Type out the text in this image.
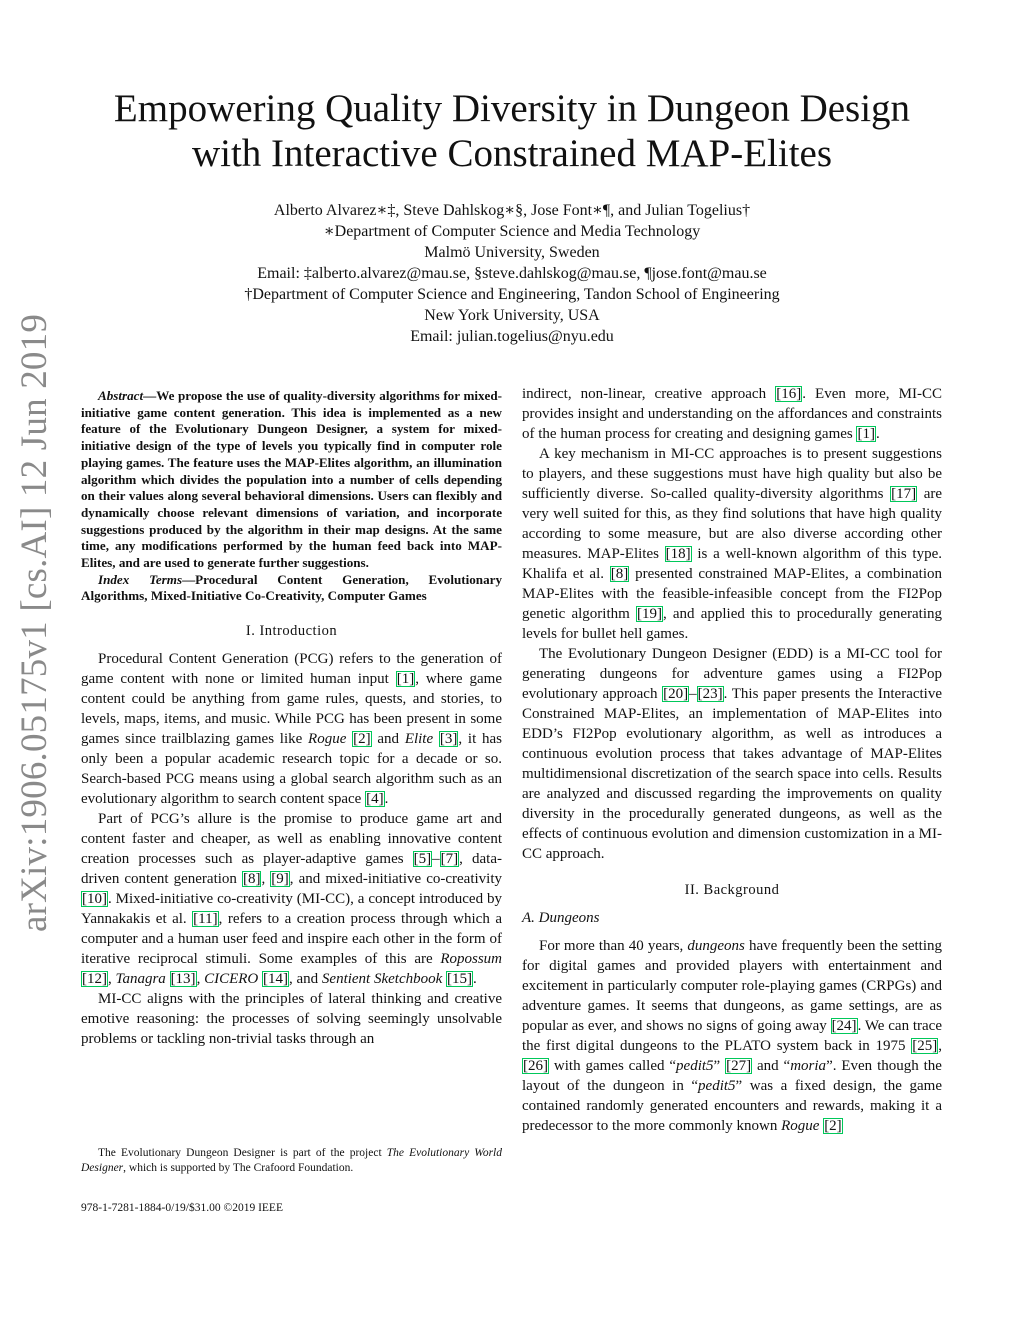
arXiv:1906.05175v1 [cs.AI] 12 Jun 2019
Empowering Quality Diversity in Dungeon Design
with Interactive Constrained MAP-Elites
Alberto Alvarez∗‡, Steve Dahlskog∗§, Jose Font∗¶, and Julian Togelius†
∗Department of Computer Science and Media Technology
Malmö University, Sweden
Email: ‡alberto.alvarez@mau.se, §steve.dahlskog@mau.se, ¶jose.font@mau.se
†Department of Computer Science and Engineering, Tandon School of Engineering
New York University, USA
Email: julian.togelius@nyu.edu

Abstract—We propose the use of quality-diversity algorithms for mixed-initiative game content generation. This idea is implemented as a new feature of the Evolutionary Dungeon Designer, a system for mixed-initiative design of the type of levels you typically find in computer role playing games. The feature uses the MAP-Elites algorithm, an illumination algorithm which divides the population into a number of cells depending on their values along several behavioral dimensions. Users can flexibly and dynamically choose relevant dimensions of variation, and incorporate suggestions produced by the algorithm in their map designs. At the same time, any modifications performed by the human feed back into MAP-Elites, and are used to generate further suggestions.

Index Terms—Procedural Content Generation, Evolutionary Algorithms, Mixed-Initiative Co-Creativity, Computer Games

I. Introduction

Procedural Content Generation (PCG) refers to the generation of game content with none or limited human input [1], where game content could be anything from game rules, quests, and stories, to levels, maps, items, and music. While PCG has been present in some games since trailblazing games like Rogue [2] and Elite [3], it has only been a popular academic research topic for a decade or so. Search-based PCG means using a global search algorithm such as an evolutionary algorithm to search content space [4].

Part of PCG’s allure is the promise to produce game art and content faster and cheaper, as well as enabling innovative content creation processes such as player-adaptive games [5]–[7], data-driven content generation [8], [9], and mixed-initiative co-creativity [10]. Mixed-initiative co-creativity (MI-CC), a concept introduced by Yannakakis et al. [11], refers to a creation process through which a computer and a human user feed and inspire each other in the form of iterative reciprocal stimuli. Some examples of this are Ropossum [12], Tanagra [13], CICERO [14], and Sentient Sketchbook [15].

MI-CC aligns with the principles of lateral thinking and creative emotive reasoning: the processes of solving seemingly unsolvable problems or tackling non-trivial tasks through an

The Evolutionary Dungeon Designer is part of the project The Evolutionary World Designer, which is supported by The Crafoord Foundation.
978-1-7281-1884-0/19/$31.00 ©2019 IEEE

indirect, non-linear, creative approach [16]. Even more, MI-CC provides insight and understanding on the affordances and constraints of the human process for creating and designing games [1].

A key mechanism in MI-CC approaches is to present suggestions to players, and these suggestions must have high quality but also be sufficiently diverse. So-called quality-diversity algorithms [17] are very well suited for this, as they find solutions that have high quality according to some measure, but are also diverse according other measures. MAP-Elites [18] is a well-known algorithm of this type. Khalifa et al. [8] presented constrained MAP-Elites, a combination MAP-Elites with the feasible-infeasible concept from the FI2Pop genetic algorithm [19], and applied this to procedurally generating levels for bullet hell games.

The Evolutionary Dungeon Designer (EDD) is a MI-CC tool for generating dungeons for adventure games using a FI2Pop evolutionary approach [20]–[23]. This paper presents the Interactive Constrained MAP-Elites, an implementation of MAP-Elites into EDD’s FI2Pop evolutionary algorithm, as well as introduces a continuous evolution process that takes advantage of MAP-Elites multidimensional discretization of the search space into cells. Results are analyzed and discussed regarding the improvements on quality diversity in the procedurally generated dungeons, as well as the effects of continuous evolution and dimension customization in a MI-CC approach.

II. Background
A. Dungeons

For more than 40 years, dungeons have frequently been the setting for digital games and provided players with entertainment and excitement in particularly computer role-playing games (CRPGs) and adventure games. It seems that dungeons, as game settings, are as popular as ever, and shows no signs of going away [24]. We can trace the first digital dungeons to the PLATO system back in 1975 [25], [26] with games called “pedit5” [27] and “moria”. Even though the layout of the dungeon in “pedit5” was a fixed design, the game contained randomly generated encounters and rewards, making it a predecessor to the more commonly known Rogue [2]
